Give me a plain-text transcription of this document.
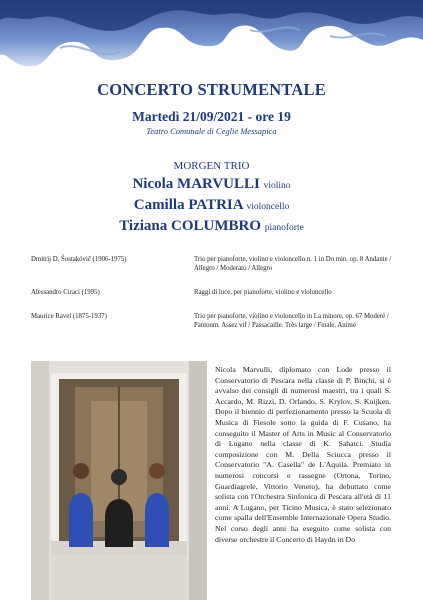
CONCERTO STRUMENTALE
Martedì 21/09/2021 - ore 19
Teatro Comunale di Ceglie Messapica
MORGEN TRIO
Nicola MARVULLI violino
Camilla PATRIA violoncello
Tiziana COLUMBRO pianoforte
Dmitrij D. Šostakóvič (1906-1975)	Trio per pianoforte, violino e violoncello n. 1 in Do min. op. 8 Andante / Allegro / Moderato / Allegro
Alessandro Ciraci (1995)	Raggi di luce, per pianoforte, violino e violoncello
Maurice Ravel (1875-1937)	Trio per pianoforte, violino e violoncello in La minore, op. 67 Moderé / Pantoum. Assez vif / Passacaille. Très large / Finale. Animé

Nicola Marvulli, diplomato con Lode presso il Conservatorio di Pescara nella classe di P. Binchi, si è avvalso dei consigli di numerosi maestri, tra i quali S. Accardo, M. Rizzi, D. Orlando, S. Krylov, S. Kuijken. Dopo il biennio di perfezionamento presso la Scuola di Musica di Fiesole sotto la guida di F. Cusano, ha conseguito il Master of Arts in Music al Conservatorio di Lugano nella classe di K. Sahatci. Studia composizione con M. Della Sciucca presso il Conservatorio "A. Casella" de L'Aquila. Premiato in numerosi concorsi e rassegne (Ortona, Torino, Guardiagrele, Vittorio Veneto), ha debuttato come solista con l'Orchestra Sinfonica di Pescara all'età di 11 anni. A Lugano, per Ticino Musica, è stato selezionato come spalla dell'Ensemble Internazionale Opera Studio. Nel corso degli anni ha eseguito come solista con diverse orchestre il Concerto di Haydn in Do
